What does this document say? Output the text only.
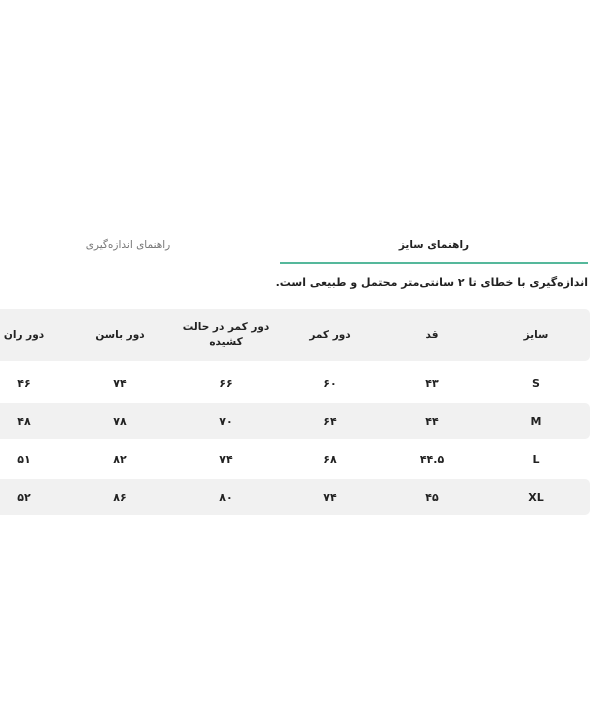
راهنمای سایز
راهنمای اندازه‌گیری
اندازه‌گیری با خطای تا ۲ سانتی‌متر محتمل و طبیعی است.
سایز
قد
دور کمر
دور کمر در حالت کشیده
دور باسن
دور ران
S
۴۳
۶۰
۶۶
۷۴
۴۶
M
۴۴
۶۴
۷۰
۷۸
۴۸
L
۴۴.۵
۶۸
۷۴
۸۲
۵۱
XL
۴۵
۷۴
۸۰
۸۶
۵۲
